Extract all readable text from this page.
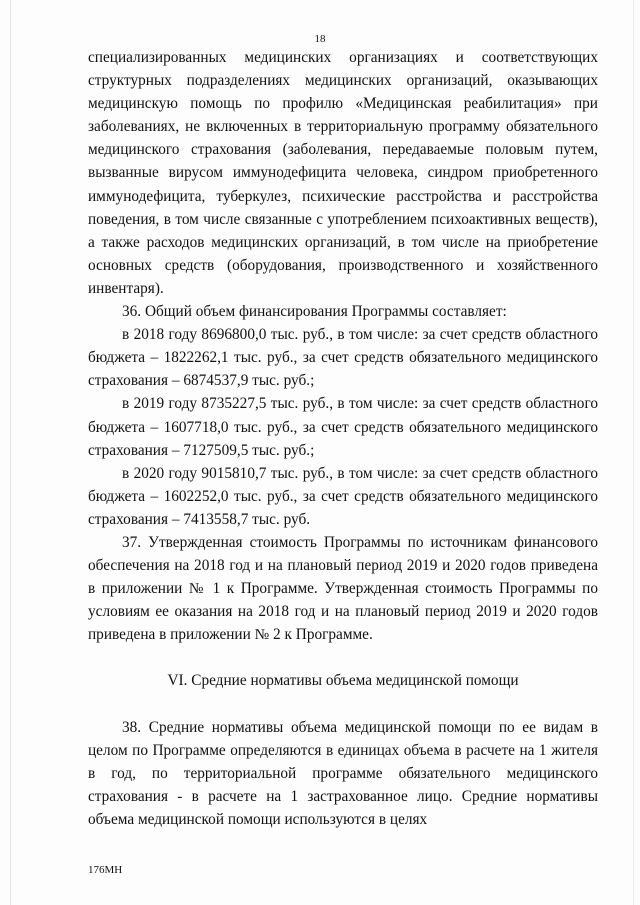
18

специализированных медицинских организациях и соответствующих структурных подразделениях медицинских организаций, оказывающих медицинскую помощь по профилю «Медицинская реабилитация» при заболеваниях, не включенных в территориальную программу обязательного медицинского страхования (заболевания, передаваемые половым путем, вызванные вирусом иммунодефицита человека, синдром приобретенного иммунодефицита, туберкулез, психические расстройства и расстройства поведения, в том числе связанные с употреблением психоактивных веществ), а также расходов медицинских организаций, в том числе на приобретение основных средств (оборудования, производственного и хозяйственного инвентаря).

36. Общий объем финансирования Программы составляет:

в 2018 году 8696800,0 тыс. руб., в том числе: за счет средств областного бюджета – 1822262,1 тыс. руб., за счет средств обязательного медицинского страхования – 6874537,9 тыс. руб.;

в 2019 году 8735227,5 тыс. руб., в том числе: за счет средств областного бюджета – 1607718,0 тыс. руб., за счет средств обязательного медицинского страхования – 7127509,5 тыс. руб.;

в 2020 году 9015810,7 тыс. руб., в том числе: за счет средств областного бюджета – 1602252,0 тыс. руб., за счет средств обязательного медицинского страхования – 7413558,7 тыс. руб.

37. Утвержденная стоимость Программы по источникам финансового обеспечения на 2018 год и на плановый период 2019 и 2020 годов приведена в приложении № 1 к Программе. Утвержденная стоимость Программы по условиям ее оказания на 2018 год и на плановый период 2019 и 2020 годов приведена в приложении № 2 к Программе.

VI. Средние нормативы объема медицинской помощи

38. Средние нормативы объема медицинской помощи по ее видам в целом по Программе определяются в единицах объема в расчете на 1 жителя в год, по территориальной программе обязательного медицинского страхования - в расчете на 1 застрахованное лицо. Средние нормативы объема медицинской помощи используются в целях

176МН
